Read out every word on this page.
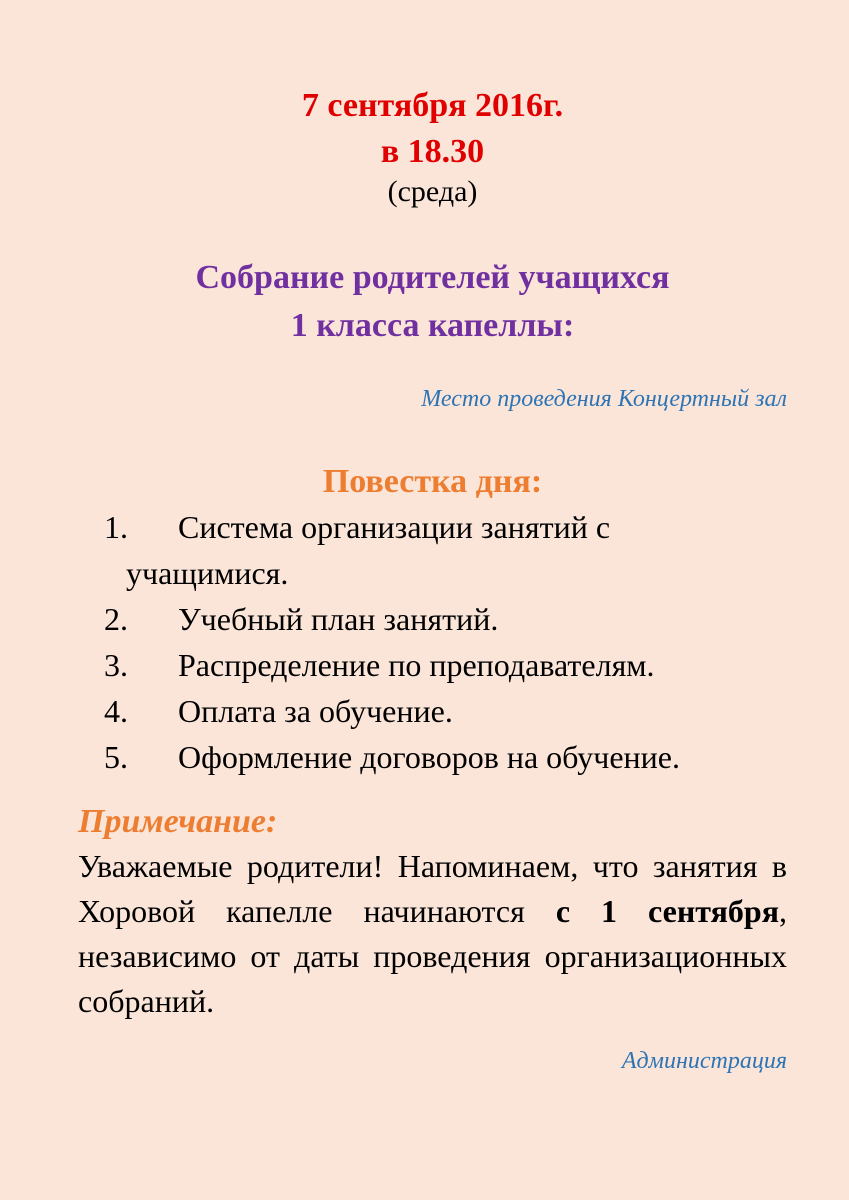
7 сентября 2016г.
в 18.30
(среда)
Собрание родителей учащихся
1 класса капеллы:
Место проведения Концертный зал
Повестка дня:
1. Система организации занятий с
учащимися.
2. Учебный план занятий.
3. Распределение по преподавателям.
4. Оплата за обучение.
5. Оформление договоров на обучение.
Примечание:
Уважаемые родители! Напоминаем, что занятия в Хоровой капелле начинаются с 1 сентября, независимо от даты проведения организационных собраний.
Администрация
